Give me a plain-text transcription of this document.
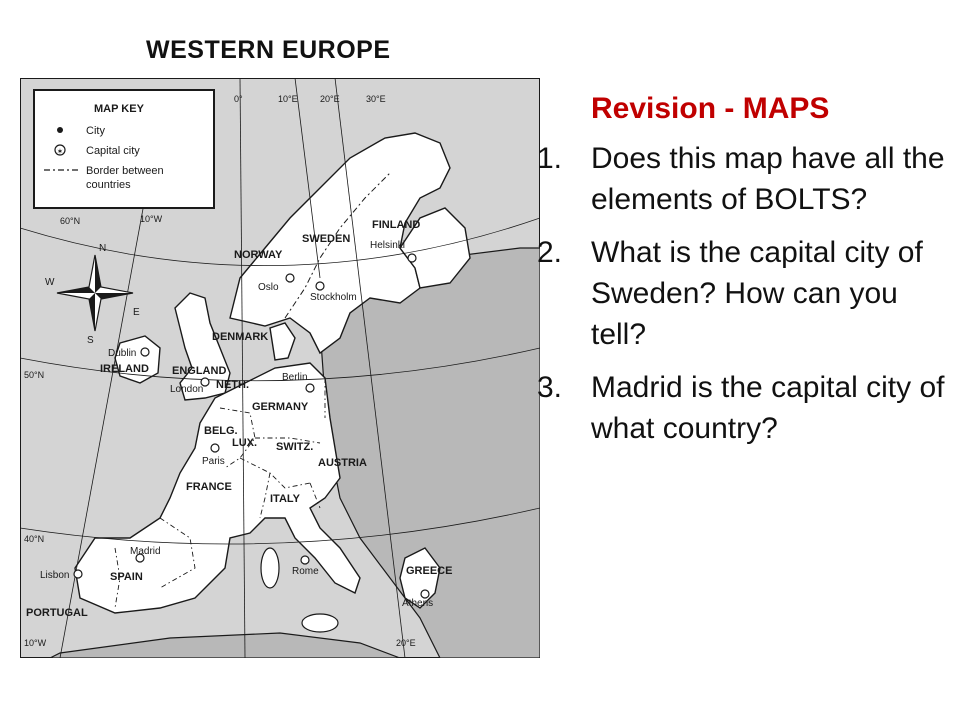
WESTERN EUROPE
MAP KEY
City
✶ Capital city
Border between countries
N
E
S
W
0°	10°E 20°E	30°E
10°W
10°W	20°E
60°N
50°N
40°N
FINLAND
SWEDEN
NORWAY
DENMARK
IRELAND ENGLAND
NETH.
GERMANY
BELG.
LUX. SWITZ.
AUSTRIA
FRANCE
ITALY
SPAIN
PORTUGAL
GREECE
Helsinki
Oslo
Stockholm
Dublin
London
Berlin
Paris
Rome
Madrid
Lisbon
Athens
Revision - MAPS
1. Does this map have all the elements of BOLTS?
2. What is the capital city of Sweden? How can you tell?
3. Madrid is the capital city of what country?
